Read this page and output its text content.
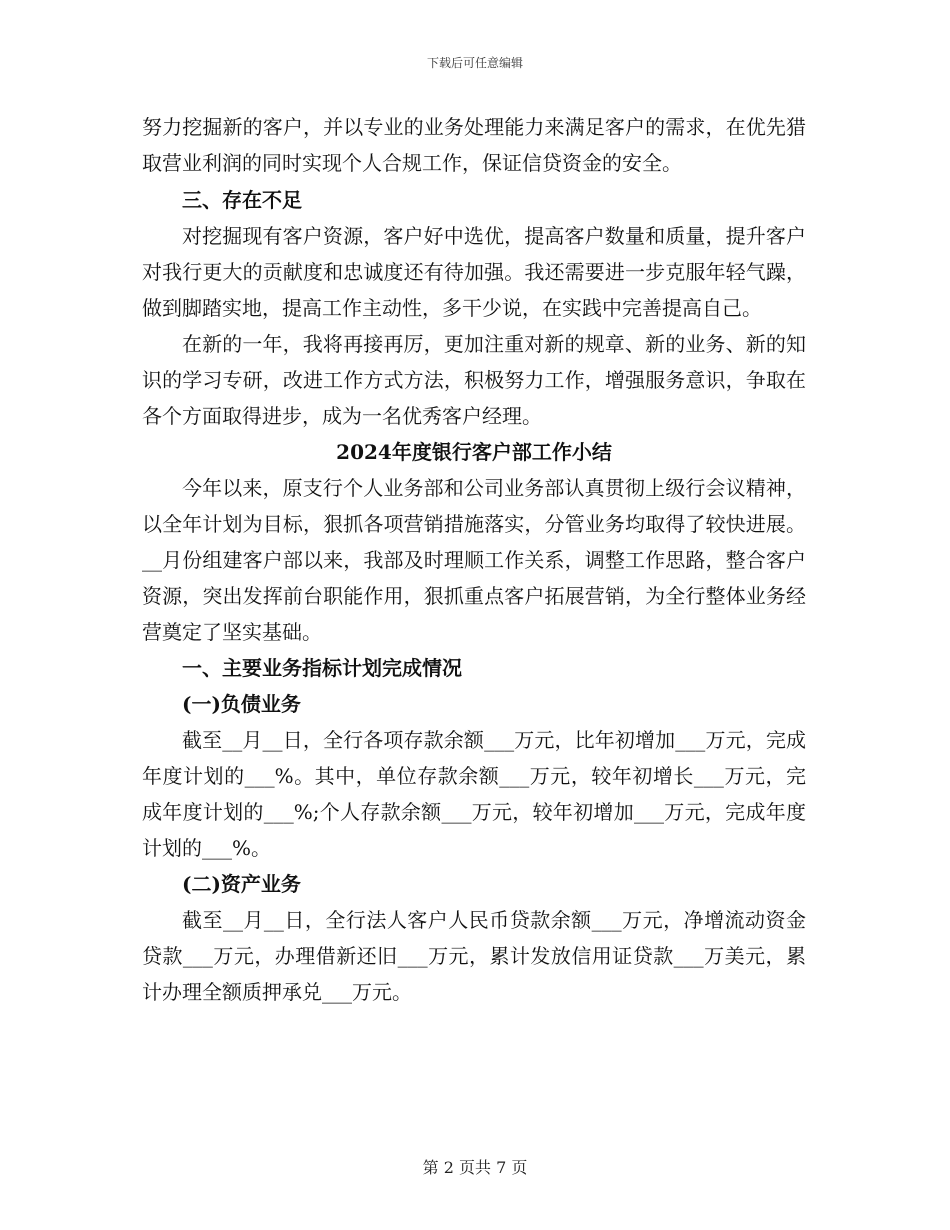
下载后可任意编辑

努力挖掘新的客户，并以专业的业务处理能力来满足客户的需求，在优先猎取营业利润的同时实现个人合规工作，保证信贷资金的安全。

三、存在不足

对挖掘现有客户资源，客户好中选优，提高客户数量和质量，提升客户对我行更大的贡献度和忠诚度还有待加强。我还需要进一步克服年轻气躁，做到脚踏实地，提高工作主动性，多干少说，在实践中完善提高自己。

在新的一年，我将再接再厉，更加注重对新的规章、新的业务、新的知识的学习专研，改进工作方式方法，积极努力工作，增强服务意识，争取在各个方面取得进步，成为一名优秀客户经理。

2024年度银行客户部工作小结

今年以来，原支行个人业务部和公司业务部认真贯彻上级行会议精神，以全年计划为目标，狠抓各项营销措施落实，分管业务均取得了较快进展。__月份组建客户部以来，我部及时理顺工作关系，调整工作思路，整合客户资源，突出发挥前台职能作用，狠抓重点客户拓展营销，为全行整体业务经营奠定了坚实基础。

一、主要业务指标计划完成情况

(一)负债业务

截至__月__日，全行各项存款余额___万元，比年初增加___万元，完成年度计划的___%。其中，单位存款余额___万元，较年初增长___万元，完成年度计划的___%;个人存款余额___万元，较年初增加___万元，完成年度计划的___%。

(二)资产业务

截至__月__日，全行法人客户人民币贷款余额___万元，净增流动资金贷款___万元，办理借新还旧___万元，累计发放信用证贷款___万美元，累计办理全额质押承兑___万元。

第 2 页共 7 页
